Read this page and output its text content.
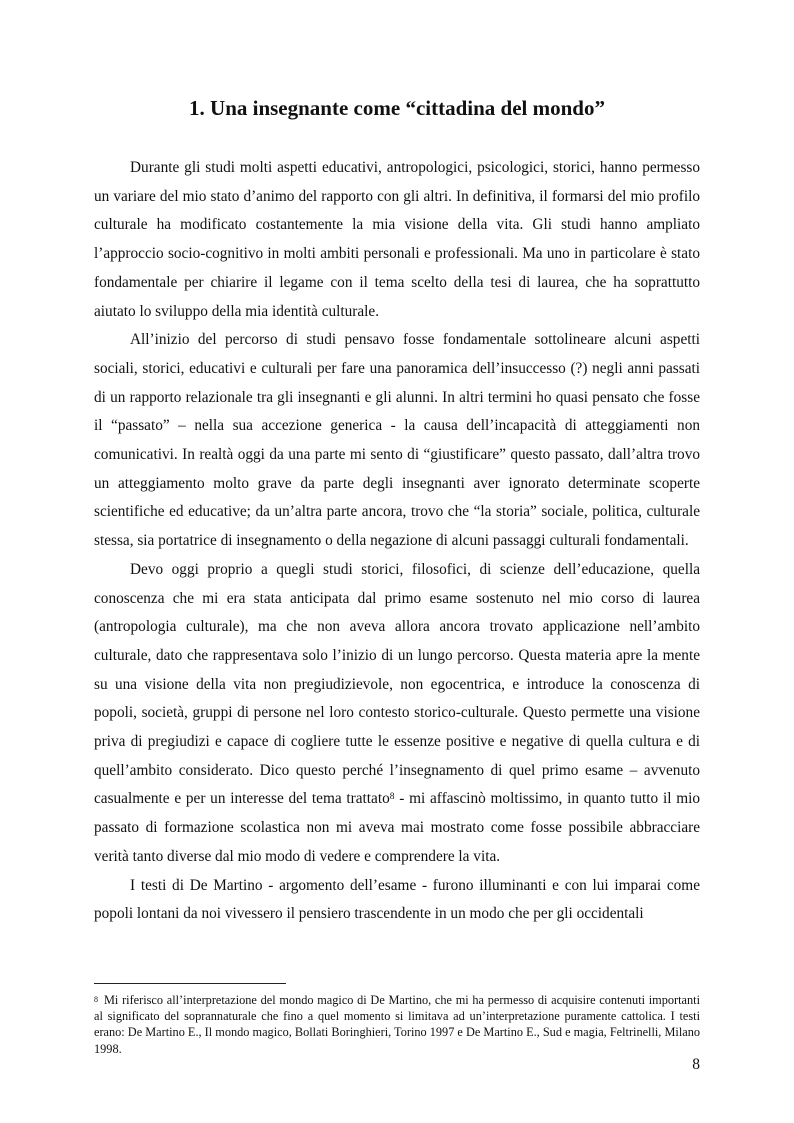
1. Una insegnante come “cittadina del mondo”

Durante gli studi molti aspetti educativi, antropologici, psicologici, storici, hanno permesso un variare del mio stato d’animo del rapporto con gli altri. In definitiva, il formarsi del mio profilo culturale ha modificato costantemente la mia visione della vita. Gli studi hanno ampliato l’approccio socio-cognitivo in molti ambiti personali e professionali. Ma uno in particolare è stato fondamentale per chiarire il legame con il tema scelto della tesi di laurea, che ha soprattutto aiutato lo sviluppo della mia identità culturale.

All’inizio del percorso di studi pensavo fosse fondamentale sottolineare alcuni aspetti sociali, storici, educativi e culturali per fare una panoramica dell’insuccesso (?) negli anni passati di un rapporto relazionale tra gli insegnanti e gli alunni. In altri termini ho quasi pensato che fosse il “passato” – nella sua accezione generica - la causa dell’incapacità di atteggiamenti non comunicativi. In realtà oggi da una parte mi sento di “giustificare” questo passato, dall’altra trovo un atteggiamento molto grave da parte degli insegnanti aver ignorato determinate scoperte scientifiche ed educative; da un’altra parte ancora, trovo che “la storia” sociale, politica, culturale stessa, sia portatrice di insegnamento o della negazione di alcuni passaggi culturali fondamentali.

Devo oggi proprio a quegli studi storici, filosofici, di scienze dell’educazione, quella conoscenza che mi era stata anticipata dal primo esame sostenuto nel mio corso di laurea (antropologia culturale), ma che non aveva allora ancora trovato applicazione nell’ambito culturale, dato che rappresentava solo l’inizio di un lungo percorso. Questa materia apre la mente su una visione della vita non pregiudizievole, non egocentrica, e introduce la conoscenza di popoli, società, gruppi di persone nel loro contesto storico-culturale. Questo permette una visione priva di pregiudizi e capace di cogliere tutte le essenze positive e negative di quella cultura e di quell’ambito considerato. Dico questo perché l’insegnamento di quel primo esame – avvenuto casualmente e per un interesse del tema trattato$^8$ - mi affascinò moltissimo, in quanto tutto il mio passato di formazione scolastica non mi aveva mai mostrato come fosse possibile abbracciare verità tanto diverse dal mio modo di vedere e comprendere la vita.

I testi di De Martino - argomento dell’esame - furono illuminanti e con lui imparai come popoli lontani da noi vivessero il pensiero trascendente in un modo che per gli occidentali

$^8$ Mi riferisco all’interpretazione del mondo magico di De Martino, che mi ha permesso di acquisire contenuti importanti al significato del soprannaturale che fino a quel momento si limitava ad un’interpretazione puramente cattolica. I testi erano: De Martino E., Il mondo magico, Bollati Boringhieri, Torino 1997 e De Martino E., Sud e magia, Feltrinelli, Milano 1998.

8
